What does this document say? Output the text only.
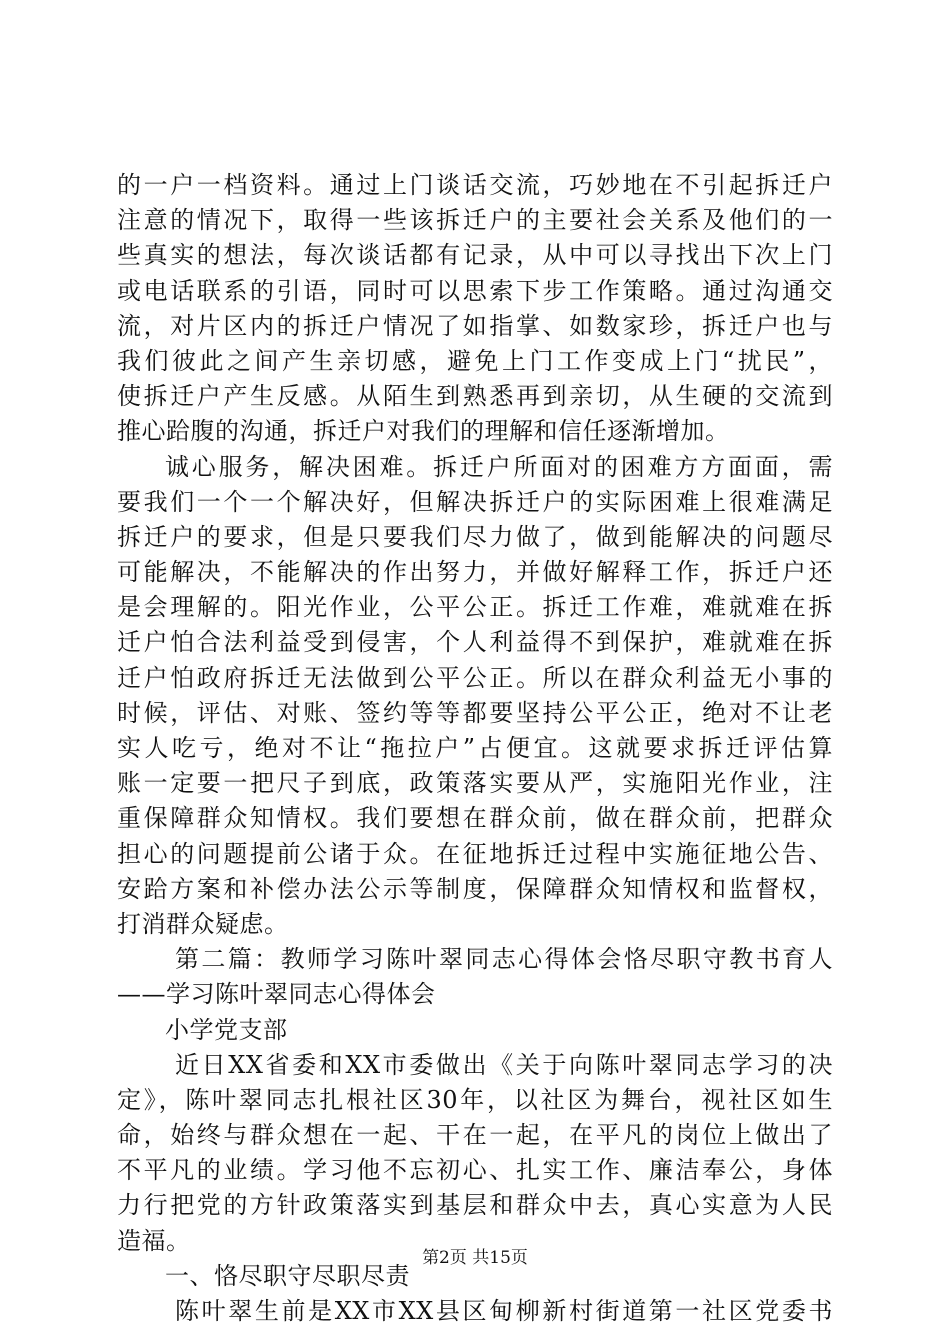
的一户一档资料。通过上门谈话交流，巧妙地在不引起拆迁户
注意的情况下，取得一些该拆迁户的主要社会关系及他们的一
些真实的想法，每次谈话都有记录，从中可以寻找出下次上门
或电话联系的引语，同时可以思索下步工作策略。通过沟通交
流，对片区内的拆迁户情况了如指掌、如数家珍，拆迁户也与
我们彼此之间产生亲切感，避免上门工作变成上门“扰民”，
使拆迁户产生反感。从陌生到熟悉再到亲切，从生硬的交流到
推心跲腹的沟通，拆迁户对我们的理解和信任逐渐增加。
诚心服务，解决困难。拆迁户所面对的困难方方面面，需
要我们一个一个解决好，但解决拆迁户的实际困难上很难满足
拆迁户的要求，但是只要我们尽力做了，做到能解决的问题尽
可能解决，不能解决的作出努力，并做好解释工作，拆迁户还
是会理解的。阳光作业，公平公正。拆迁工作难，难就难在拆
迁户怕合法利益受到侵害，个人利益得不到保护，难就难在拆
迁户怕政府拆迁无法做到公平公正。所以在群众利益无小事的
时候，评估、对账、签约等等都要坚持公平公正，绝对不让老
实人吃亏，绝对不让“拖拉户”占便宜。这就要求拆迁评估算
账一定要一把尺子到底，政策落实要从严，实施阳光作业，注
重保障群众知情权。我们要想在群众前，做在群众前，把群众
担心的问题提前公诸于众。在征地拆迁过程中实施征地公告、
安跲方案和补偿办法公示等制度，保障群众知情权和监督权，
打消群众疑虑。
第二篇：教师学习陈叶翠同志心得体会恪尽职守教书育人
——学习陈叶翠同志心得体会
小学党支部
近日XX省委和XX市委做出《关于向陈叶翠同志学习的决
定》，陈叶翠同志扎根社区30年，以社区为舞台，视社区如生
命，始终与群众想在一起、干在一起，在平凡的岗位上做出了
不平凡的业绩。学习他不忘初心、扎实工作、廉洁奉公，身体
力行把党的方针政策落实到基层和群众中去，真心实意为人民
造福。
一、恪尽职守尽职尽责
陈叶翠生前是XX市XX县区甸柳新村街道第一社区党委书
第2页 共15页
